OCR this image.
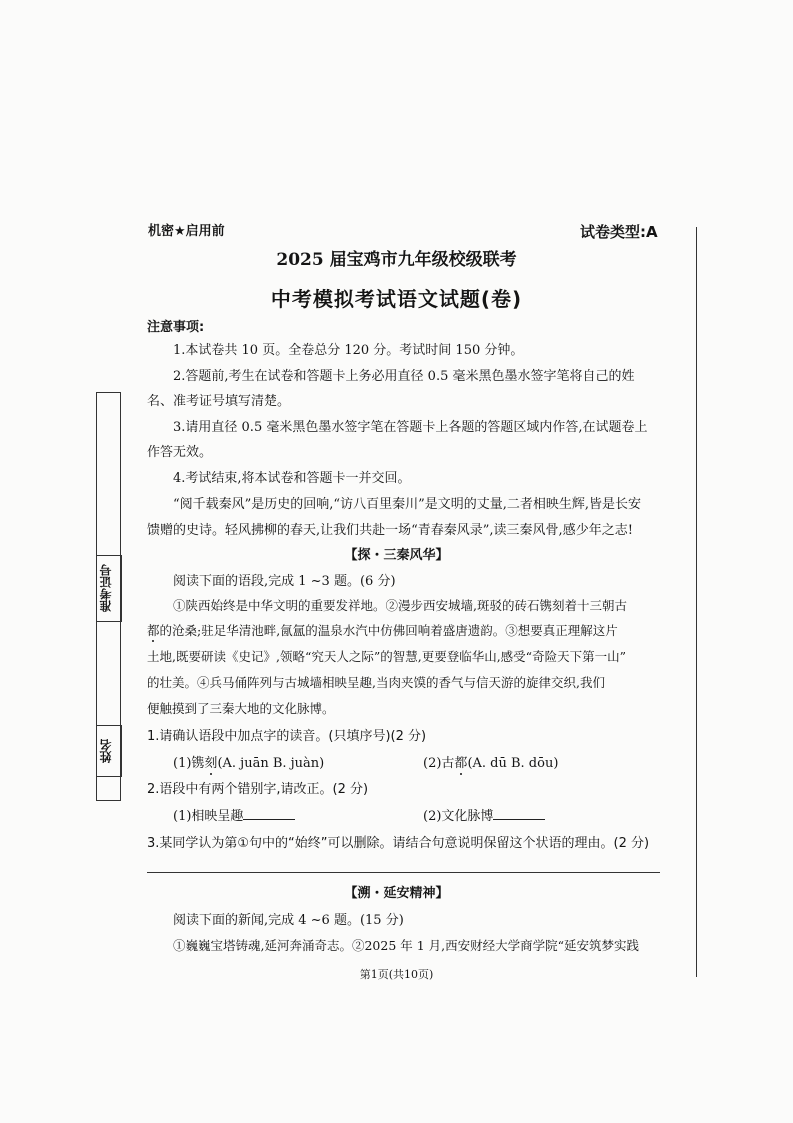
机密★启用前	试卷类型:A
2025 届宝鸡市九年级校级联考
中考模拟考试语文试题(卷)
注意事项:
1.本试卷共 10 页。全卷总分 120 分。考试时间 150 分钟。
2.答题前,考生在试卷和答题卡上务必用直径 0.5 毫米黑色墨水签字笔将自己的姓
名、准考证号填写清楚。
3.请用直径 0.5 毫米黑色墨水签字笔在答题卡上各题的答题区域内作答,在试题卷上
作答无效。
4.考试结束,将本试卷和答题卡一并交回。
“阅千载秦风”是历史的回响,“访八百里秦川”是文明的丈量,二者相映生辉,皆是长安
馈赠的史诗。轻风拂柳的春天,让我们共赴一场“青春秦风录”,读三秦风骨,感少年之志!
【探・三秦风华】
阅读下面的语段,完成 1 ~3 题。(6 分)
①陕西始终是中华文明的重要发祥地。②漫步西安城墙,斑驳的砖石镌刻着十三朝古
都的沧桑;驻足华清池畔,氤氲的温泉水汽中仿佛回响着盛唐遗韵。③想要真正理解这片
土地,既要研读《史记》,领略“究天人之际”的智慧,更要登临华山,感受“奇险天下第一山”
的壮美。④兵马俑阵列与古城墙相映呈趣,当肉夹馍的香气与信天游的旋律交织,我们
便触摸到了三秦大地的文化脉博。
1.请确认语段中加点字的读音。(只填序号)(2 分)
(1)镌刻(A. juān B. juàn)	(2)古都(A. dū B. dōu)
2.语段中有两个错别字,请改正。(2 分)
(1)相映呈趣	(2)文化脉博
3.某同学认为第①句中的“始终”可以删除。请结合句意说明保留这个状语的理由。(2 分)
【溯・延安精神】
阅读下面的新闻,完成 4 ~6 题。(15 分)
①巍巍宝塔铸魂,延河奔涌奇志。②2025 年 1 月,西安财经大学商学院“延安筑梦实践
第1页(共10页)
准考证号
姓名
